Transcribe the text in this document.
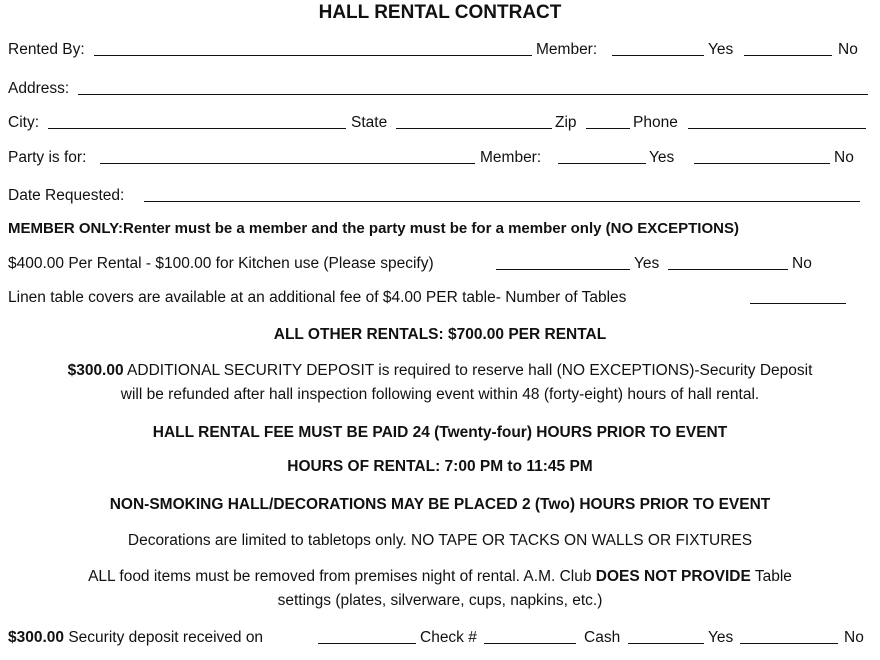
HALL RENTAL CONTRACT
Rented By:	Member:	Yes	No
Address:
City:	State	Zip	Phone
Party is for:	Member:	Yes	No
Date Requested:
MEMBER ONLY:Renter must be a member and the party must be for a member only (NO EXCEPTIONS)
$400.00 Per Rental - $100.00 for Kitchen use (Please specify)	Yes	No
Linen table covers are available at an additional fee of $4.00 PER table- Number of Tables
ALL OTHER RENTALS: $700.00 PER RENTAL
$300.00 ADDITIONAL SECURITY DEPOSIT is required to reserve hall (NO EXCEPTIONS)-Security Deposit
will be refunded after hall inspection following event within 48 (forty-eight) hours of hall rental.
HALL RENTAL FEE MUST BE PAID 24 (Twenty-four) HOURS PRIOR TO EVENT
HOURS OF RENTAL: 7:00 PM to 11:45 PM
NON-SMOKING HALL/DECORATIONS MAY BE PLACED 2 (Two) HOURS PRIOR TO EVENT
Decorations are limited to tabletops only. NO TAPE OR TACKS ON WALLS OR FIXTURES
ALL food items must be removed from premises night of rental. A.M. Club DOES NOT PROVIDE Table
settings (plates, silverware, cups, napkins, etc.)
$300.00 Security deposit received on	Check #	Cash	Yes	No
